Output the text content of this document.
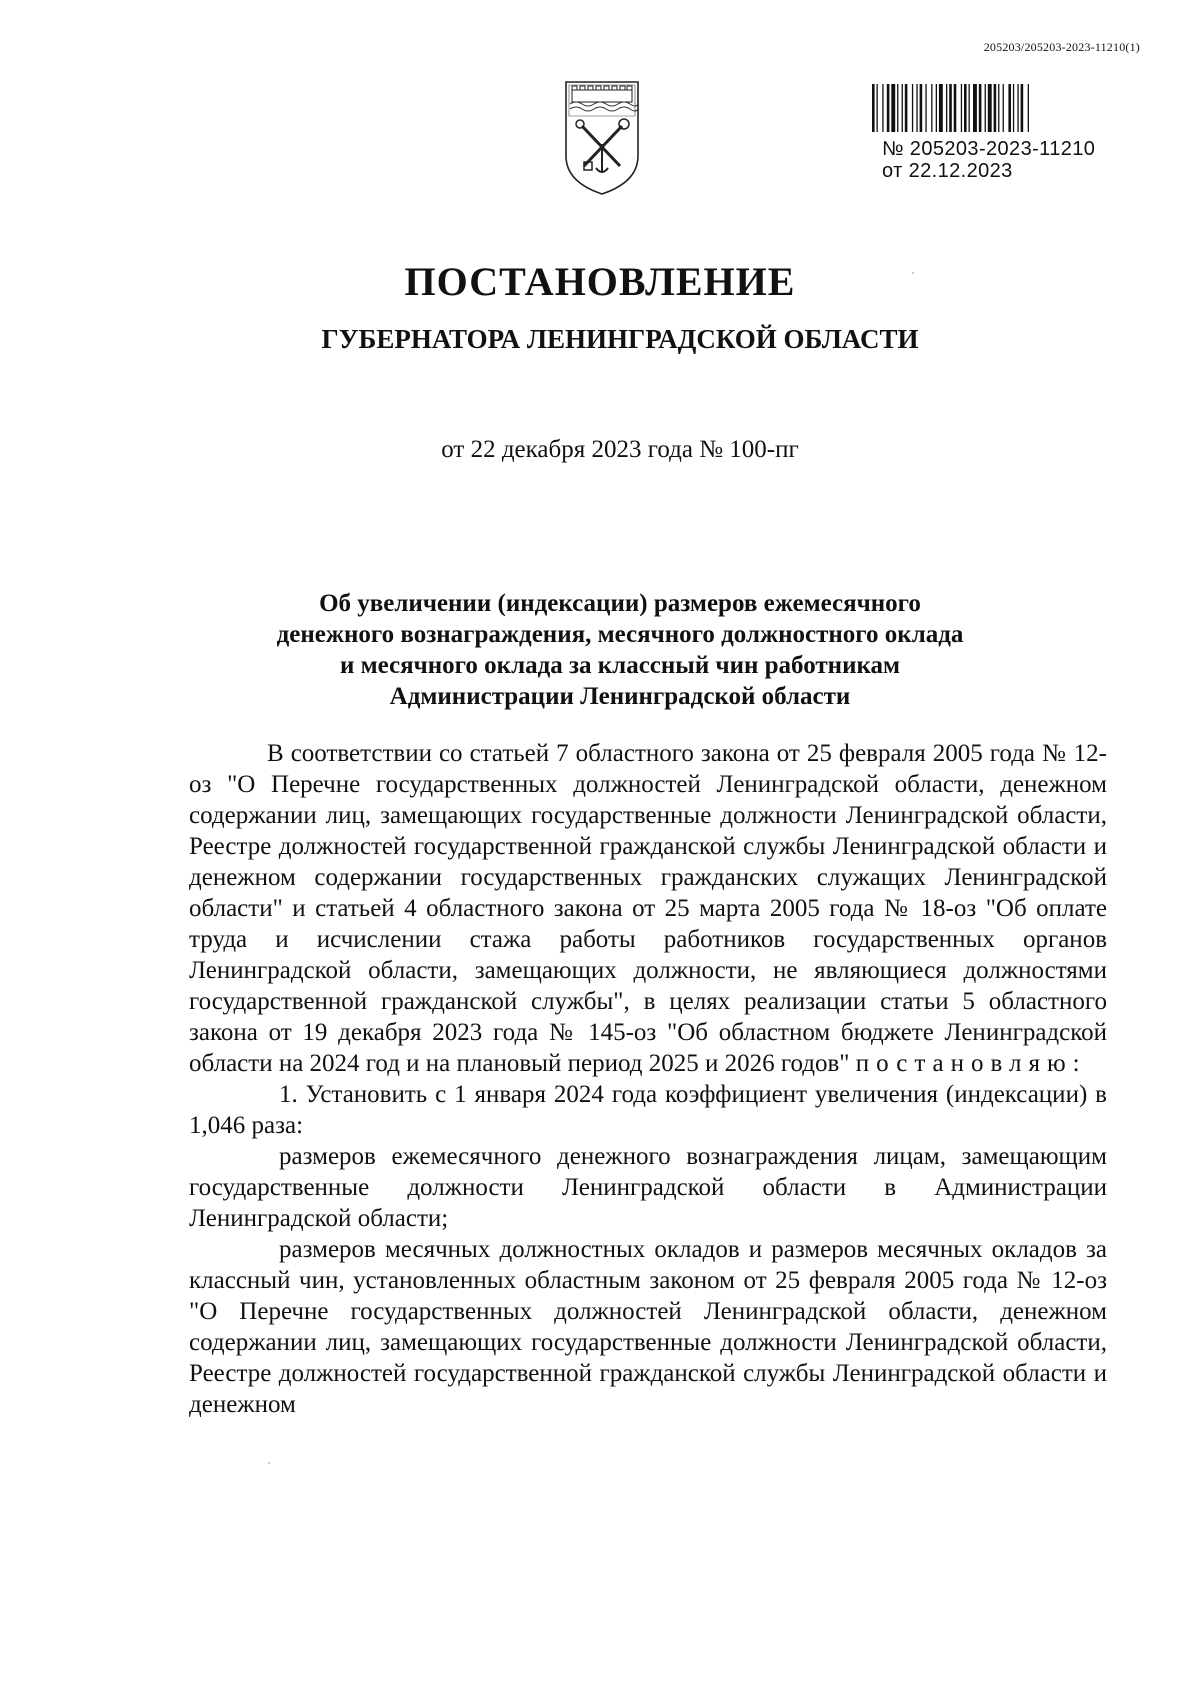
205203/205203-2023-11210(1)
№ 205203-2023-11210
от 22.12.2023
ПОСТАНОВЛЕНИЕ
ГУБЕРНАТОРА ЛЕНИНГРАДСКОЙ ОБЛАСТИ
от 22 декабря 2023 года № 100-пг
Об увеличении (индексации) размеров ежемесячного
денежного вознаграждения, месячного должностного оклада
и месячного оклада за классный чин работникам
Администрации Ленинградской области

В соответствии со статьей 7 областного закона от 25 февраля 2005 года № 12-оз "О Перечне государственных должностей Ленинградской области, денежном содержании лиц, замещающих государственные должности Ленинградской области, Реестре должностей государственной гражданской службы Ленинградской области и денежном содержании государственных гражданских служащих Ленинградской области" и статьей 4 областного закона от 25 марта 2005 года № 18-оз "Об оплате труда и исчислении стажа работы работников государственных органов Ленинградской области, замещающих должности, не являющиеся должностями государственной гражданской службы", в целях реализации статьи 5 областного закона от 19 декабря 2023 года № 145-оз "Об областном бюджете Ленинградской области на 2024 год и на плановый период 2025 и 2026 годов" постановляю:

1. Установить с 1 января 2024 года коэффициент увеличения (индексации) в 1,046 раза:

размеров ежемесячного денежного вознаграждения лицам, замещающим государственные должности Ленинградской области в Администрации Ленинградской области;

размеров месячных должностных окладов и размеров месячных окладов за классный чин, установленных областным законом от 25 февраля 2005 года № 12-оз "О Перечне государственных должностей Ленинградской области, денежном содержании лиц, замещающих государственные должности Ленинградской области, Реестре должностей государственной гражданской службы Ленинградской области и денежном
